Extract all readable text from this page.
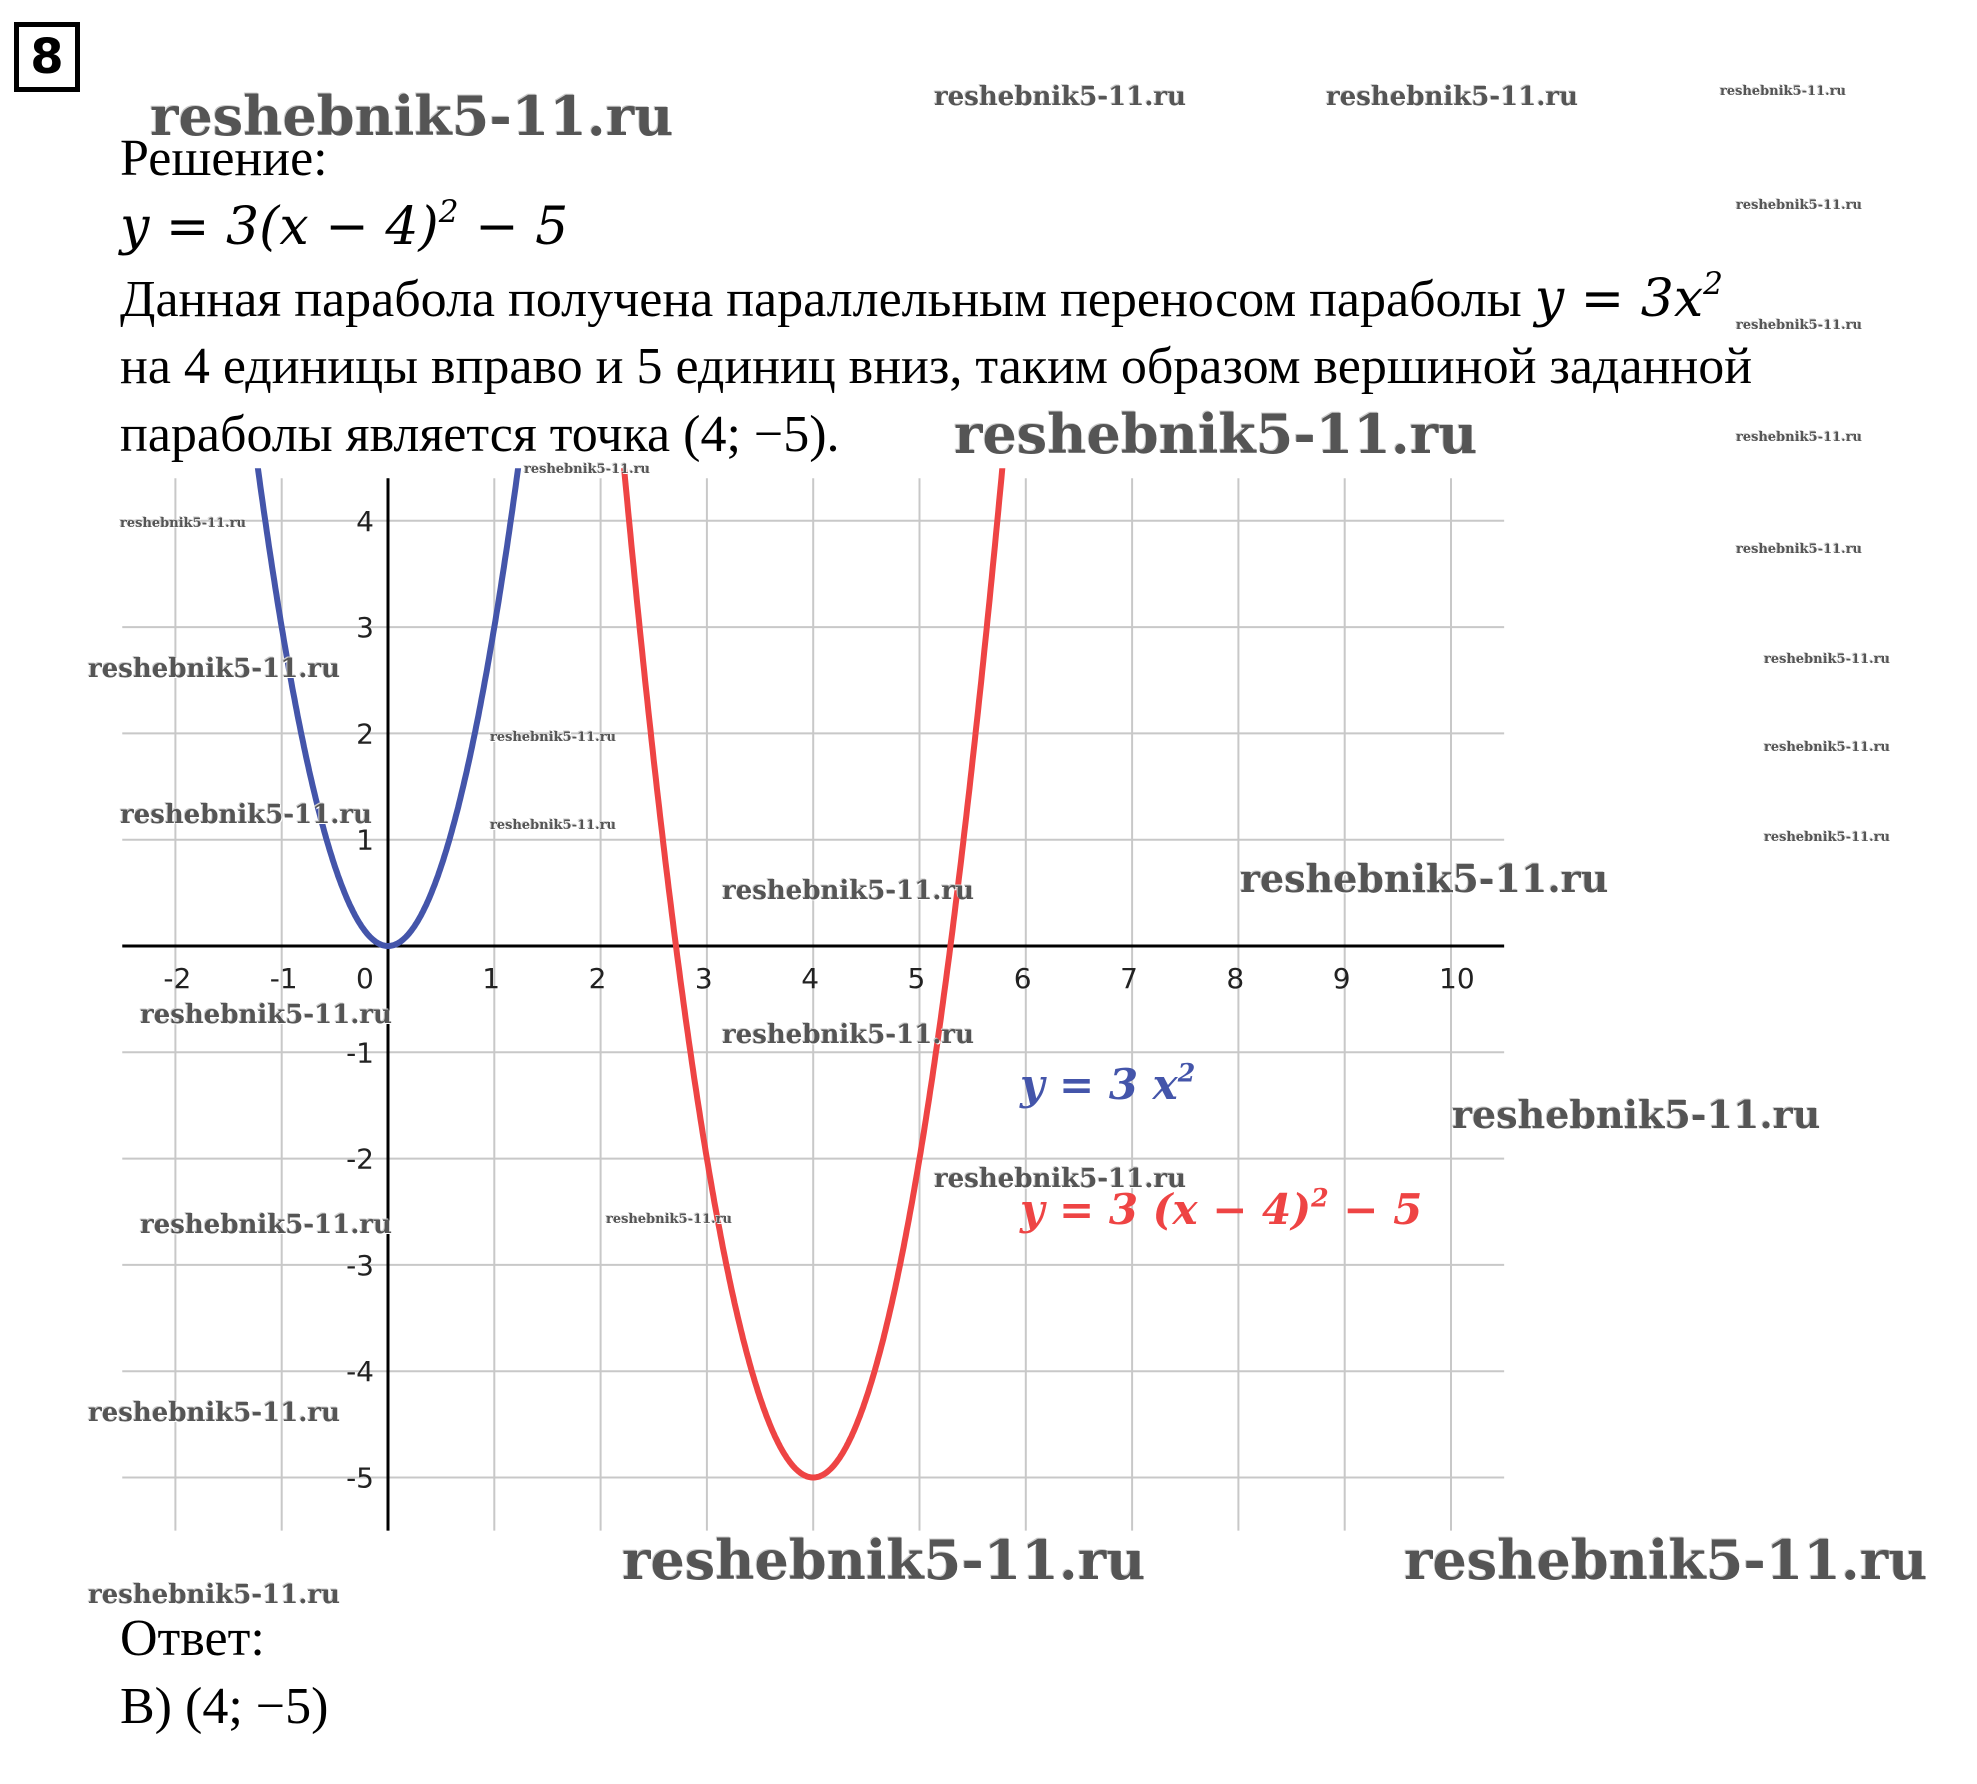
8
Решение:
$y = 3(x - 4)^2 - 5$
Данная парабола получена параллельным переносом параболы $y = 3x^2$
на 4 единицы вправо и 5 единиц вниз, таким образом вершиной заданной
параболы является точка (4; −5).
-2	-1 0	1	2	3	4	5	6	7	8	9	10
4
3
2
1
-1
-2
-3
-4
-5
y = 3 $x^2$
y = 3 $(x - 4)^2 - 5$
Ответ:
В) (4; −5)
reshebnik5-11.ru	reshebnik5-11.ru	reshebnik5-11.ru	reshebnik5-11.ru
reshebnik5-11.ru
reshebnik5-11.ru
reshebnik5-11.ru	reshebnik5-11.ru
reshebnik5-11.ru
reshebnik5-11.ru
reshebnik5-11.ru
reshebnik5-11.ru	reshebnik5-11.ru
reshebnik5-11.ru
reshebnik5-11.ru
reshebnik5-11.ru	reshebnik5-11.ru
reshebnik5-11.ru
reshebnik5-11.ru	reshebnik5-11.ru
reshebnik5-11.ru
reshebnik5-11.ru
reshebnik5-11.ru
reshebnik5-11.ru
reshebnik5-11.ru
reshebnik5-11.ru
reshebnik5-11.ru
reshebnik5-11.ru	reshebnik5-11.ru
reshebnik5-11.ru
